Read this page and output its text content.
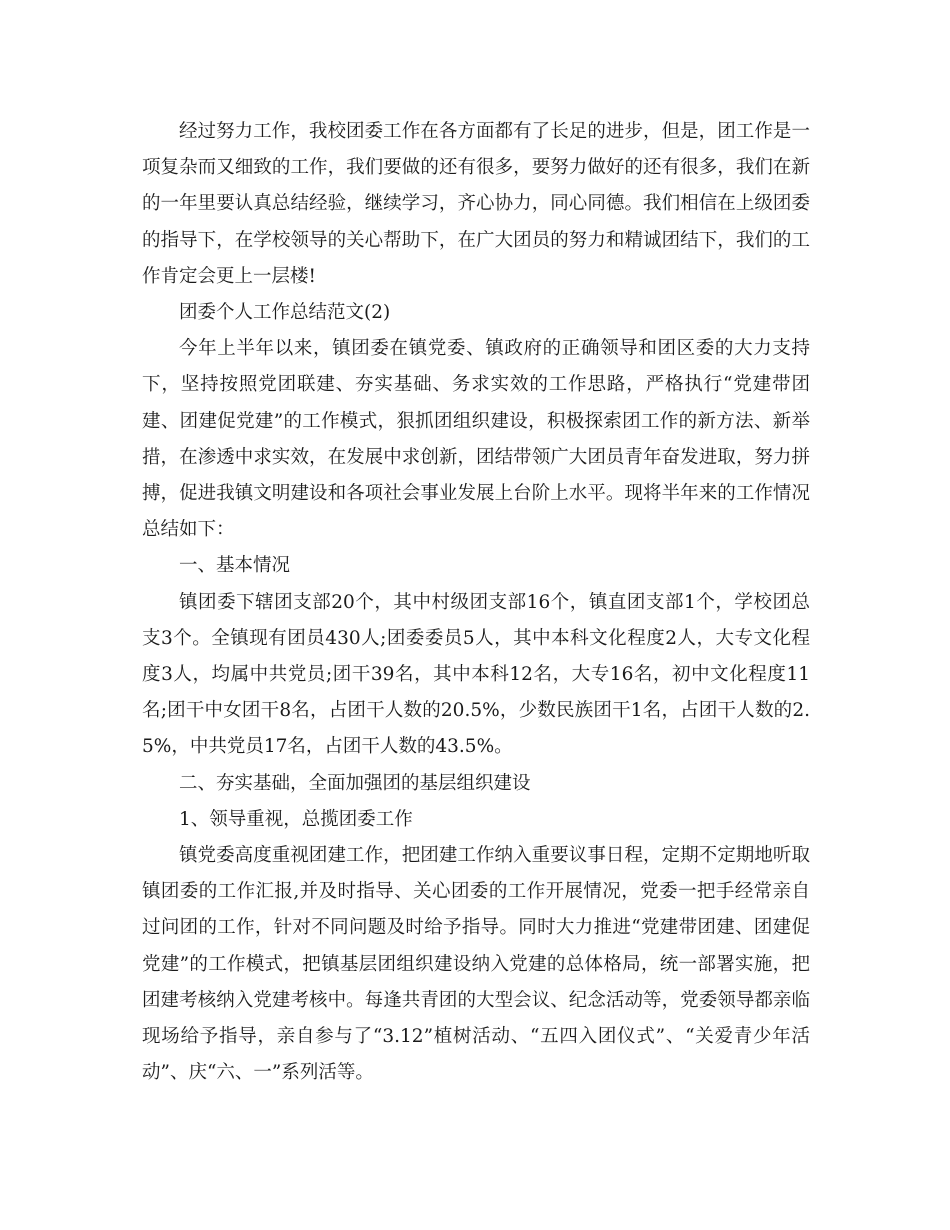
经过努力工作，我校团委工作在各方面都有了长足的进步，但是，团工作是一项复杂而又细致的工作，我们要做的还有很多，要努力做好的还有很多，我们在新的一年里要认真总结经验，继续学习，齐心协力，同心同德。我们相信在上级团委的指导下，在学校领导的关心帮助下，在广大团员的努力和精诚团结下，我们的工作肯定会更上一层楼!

团委个人工作总结范文(2)

今年上半年以来，镇团委在镇党委、镇政府的正确领导和团区委的大力支持下，坚持按照党团联建、夯实基础、务求实效的工作思路，严格执行“党建带团建、团建促党建”的工作模式，狠抓团组织建设，积极探索团工作的新方法、新举措，在渗透中求实效，在发展中求创新，团结带领广大团员青年奋发进取，努力拼搏，促进我镇文明建设和各项社会事业发展上台阶上水平。现将半年来的工作情况总结如下：

一、基本情况

镇团委下辖团支部20个，其中村级团支部16个，镇直团支部1个，学校团总支3个。全镇现有团员430人;团委委员5人，其中本科文化程度2人，大专文化程度3人，均属中共党员;团干39名，其中本科12名，大专16名，初中文化程度11名;团干中女团干8名，占团干人数的20.5%，少数民族团干1名，占团干人数的2.5%，中共党员17名，占团干人数的43.5%。

二、夯实基础，全面加强团的基层组织建设

1、领导重视，总揽团委工作

镇党委高度重视团建工作，把团建工作纳入重要议事日程，定期不定期地听取镇团委的工作汇报,并及时指导、关心团委的工作开展情况，党委一把手经常亲自过问团的工作，针对不同问题及时给予指导。同时大力推进“党建带团建、团建促党建”的工作模式，把镇基层团组织建设纳入党建的总体格局，统一部署实施，把团建考核纳入党建考核中。每逢共青团的大型会议、纪念活动等，党委领导都亲临现场给予指导，亲自参与了“3.12”植树活动、“五四入团仪式”、“关爱青少年活动”、庆“六、一”系列活等。
